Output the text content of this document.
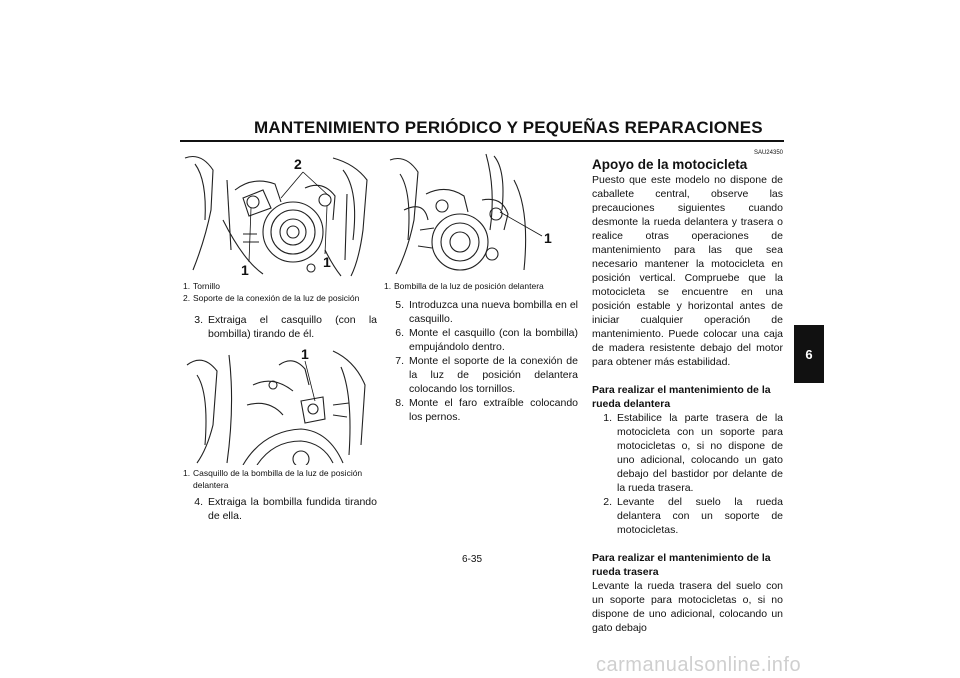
MANTENIMIENTO PERIÓDICO Y PEQUEÑAS REPARACIONES
6
2
1	1
1. Tornillo
2. Soporte de la conexión de la luz de posición
3. Extraiga el casquillo (con la bombilla) tirando de él.
1
1. Casquillo de la bombilla de la luz de posición delantera
4. Extraiga la bombilla fundida tirando de ella.
1
1. Bombilla de la luz de posición delantera
5. Introduzca una nueva bombilla en el casquillo.
6. Monte el casquillo (con la bombilla) empujándolo dentro.
7. Monte el soporte de la conexión de la luz de posición delantera colocando los tornillos.
8. Monte el faro extraíble colocando los pernos.
SAU24350
Apoyo de la motocicleta
Puesto que este modelo no dispone de caballete central, observe las precauciones siguientes cuando desmonte la rueda delantera y trasera o realice otras operaciones de mantenimiento para las que sea necesario mantener la motocicleta en posición vertical. Compruebe que la motocicleta se encuentre en una posición estable y horizontal antes de iniciar cualquier operación de mantenimiento. Puede colocar una caja de madera resistente debajo del motor para obtener más estabilidad.
Para realizar el mantenimiento de la rueda delantera
1. Estabilice la parte trasera de la motocicleta con un soporte para motocicletas o, si no dispone de uno adicional, colocando un gato debajo del bastidor por delante de la rueda trasera.
2. Levante del suelo la rueda delantera con un soporte de motocicletas.
Para realizar el mantenimiento de la rueda trasera
Levante la rueda trasera del suelo con un soporte para motocicletas o, si no dispone de uno adicional, colocando un gato debajo
6-35
carmanualsonline.info
